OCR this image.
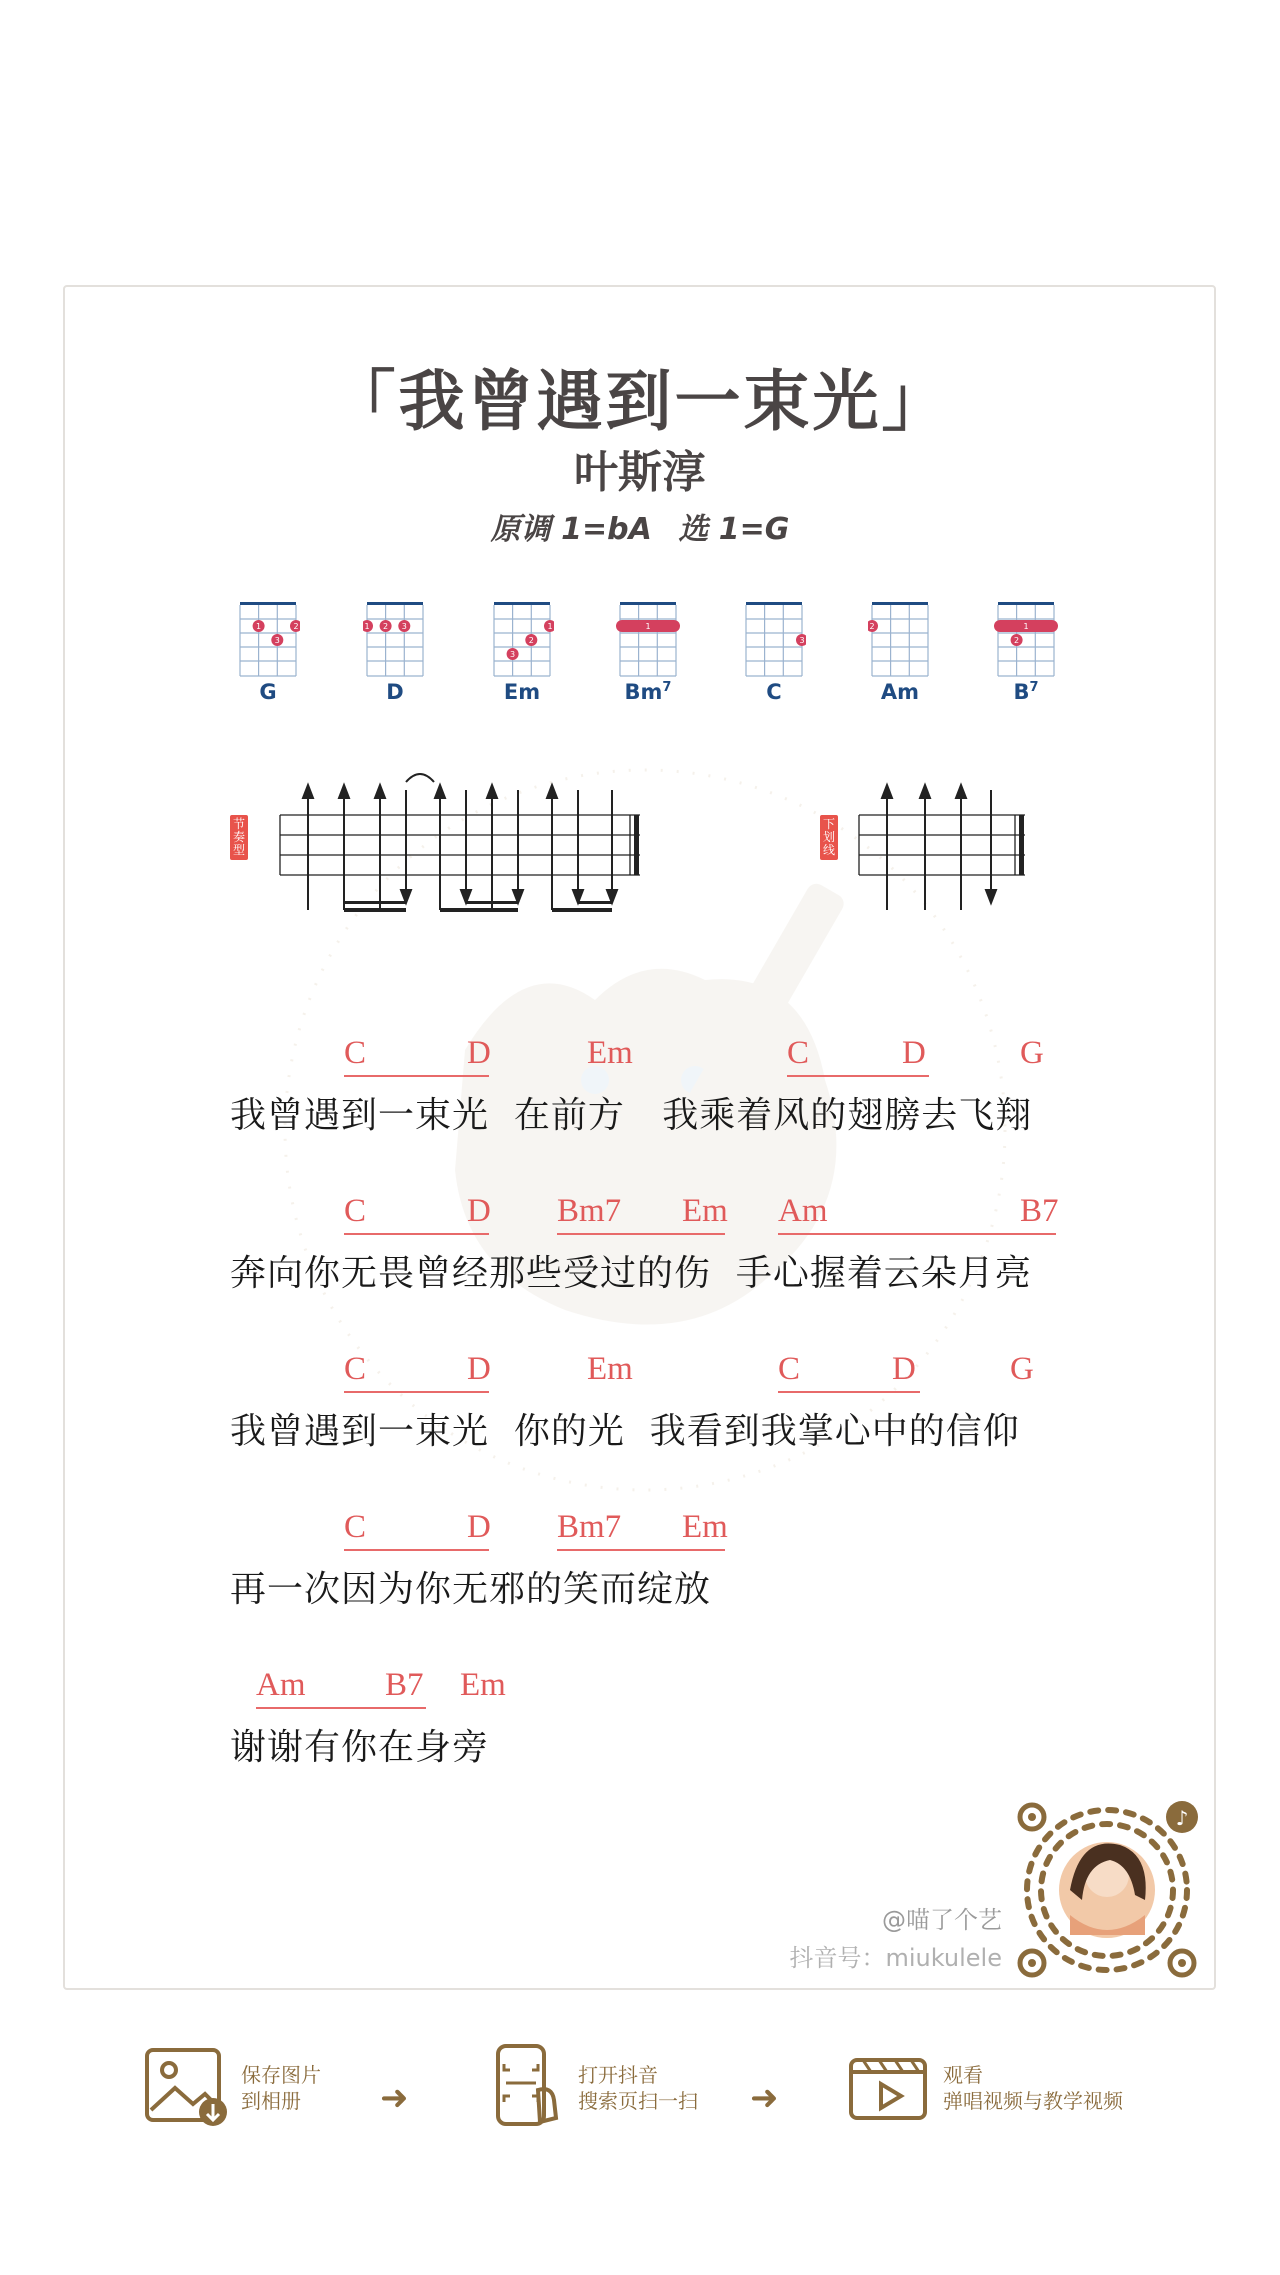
「我曾遇到一束光」
叶斯淳
原调 1=bA 选 1=G
1	2
3
G
1 2 3
D
1
2
3
Em
1
Bm$^7$
3
C
2
Am
1
2
$B^7$
节奏型
下划线
C	D	Em	C	D	G
我曾遇到一束光  在前方   我乘着风的翅膀去飞翔
C	D Bm7 Em Am	B7
奔向你无畏曾经那些受过的伤  手心握着云朵月亮
C	D	Em	C	D	G
我曾遇到一束光  你的光  我看到我掌心中的信仰
C	D Bm7 Em
再一次因为你无邪的笑而绽放
Am B7 Em
谢谢有你在身旁
@喵了个艺
抖音号：miukulele
♪
保存图片
到相册	➜
打开抖音
搜索页扫一扫 ➜
观看
弹唱视频与教学视频
